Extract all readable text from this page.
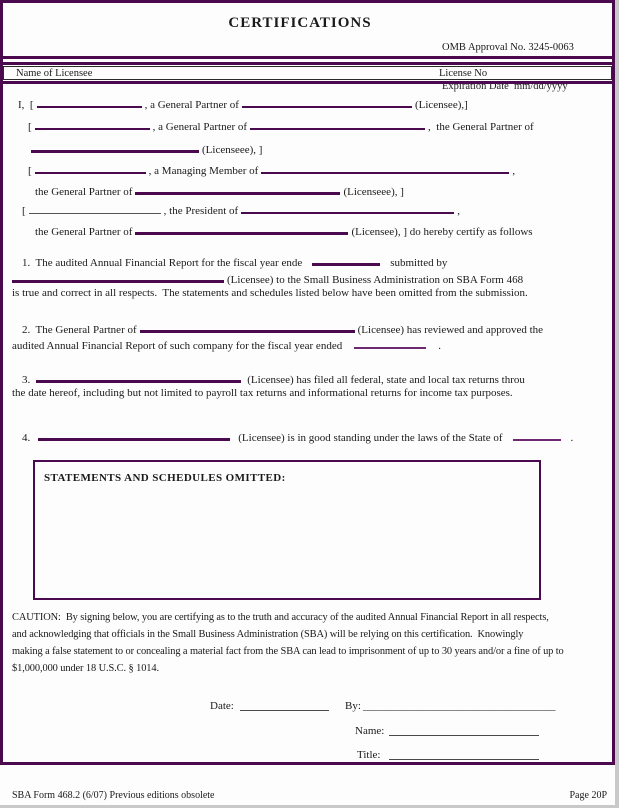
CERTIFICATIONS

OMB Approval No. 3245-0063

Expiration Date  mm/dd/yyyy

Name of Licensee	License No
I,  [	, a General Partner of	(Licensee),]
[	, a General Partner of	,  the General Partner of
(Licenseee), ]
[	, a Managing Member of	,
the General Partner of	(Licenseee), ]
[	, the President of	,
the General Partner of	(Licensee), ] do hereby certify as follows
1.  The audited Annual Financial Report for the fiscal year ende	submitted by
(Licensee) to the Small Business Administration on SBA Form 468
is true and correct in all respects.  The statements and schedules listed below have been omitted from the submission.
2.  The General Partner of	(Licensee) has reviewed and approved the
audited Annual Financial Report of such company for the fiscal year ended	.
3.	(Licensee) has filed all federal, state and local tax returns throu
the date hereof, including but not limited to payroll tax returns and informational returns for income tax purposes.
4.	(Licensee) is in good standing under the laws of the State of	.
STATEMENTS AND SCHEDULES OMITTED:
CAUTION:  By signing below, you are certifying as to the truth and accuracy of the audited Annual Financial Report in all respects,
and acknowledging that officials in the Small Business Administration (SBA) will be relying on this certification.  Knowingly
making a false statement to or concealing a material fact from the SBA can lead to imprisonment of up to 30 years and/or a fine of up to
$1,000,000 under 18 U.S.C. § 1014.
Date:	By: ___________________________________
Name:
Title:
SBA Form 468.2 (6/07) Previous editions obsolete	Page 20P
